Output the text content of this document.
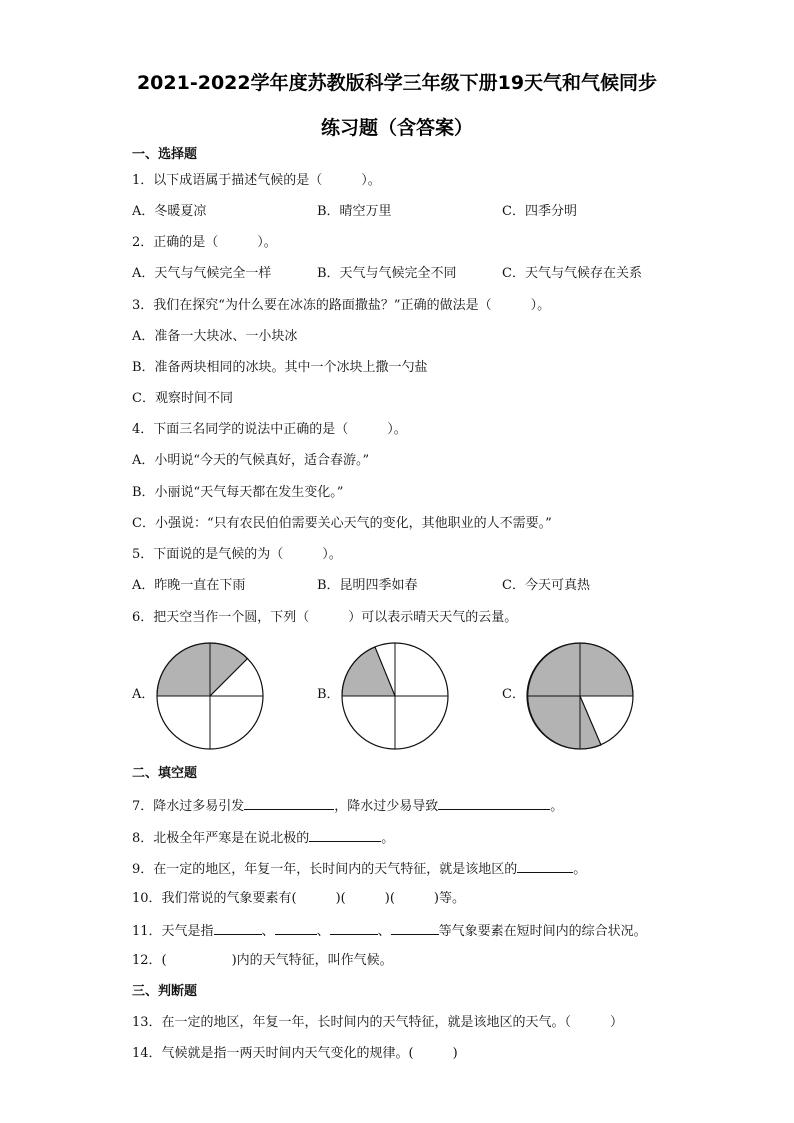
2021-2022学年度苏教版科学三年级下册19天气和气候同步
练习题（含答案）
一、选择题
1．以下成语属于描述气候的是（　　　）。
A．冬暖夏凉	B．晴空万里	C．四季分明
2．正确的是（　　　）。
A．天气与气候完全一样	B．天气与气候完全不同	C．天气与气候存在关系
3．我们在探究“为什么要在冰冻的路面撒盐？”正确的做法是（　　　）。
A．准备一大块冰、一小块冰
B．准备两块相同的冰块。其中一个冰块上撒一勺盐
C．观察时间不同
4．下面三名同学的说法中正确的是（　　　）。
A．小明说“今天的气候真好，适合春游。”
B．小丽说“天气每天都在发生变化。”
C．小强说：“只有农民伯伯需要关心天气的变化，其他职业的人不需要。”
5．下面说的是气候的为（　　　）。
A．昨晚一直在下雨	B．昆明四季如春	C．今天可真热
6．把天空当作一个圆，下列（　　　）可以表示晴天天气的云量。
A．	B．	C．
二、填空题
7．降水过多易引发	，降水过少易导致	。
8．北极全年严寒是在说北极的	。
9．在一定的地区，年复一年，长时间内的天气特征，就是该地区的	。
10．我们常说的气象要素有(　　　)(　　　)(　　　)等。
11．天气是指	、	、	、	等气象要素在短时间内的综合状况。
12．(　　　　　)内的天气特征，叫作气候。
三、判断题
13．在一定的地区，年复一年，长时间内的天气特征，就是该地区的天气。（　　　）
14．气候就是指一两天时间内天气变化的规律。(　　　)
